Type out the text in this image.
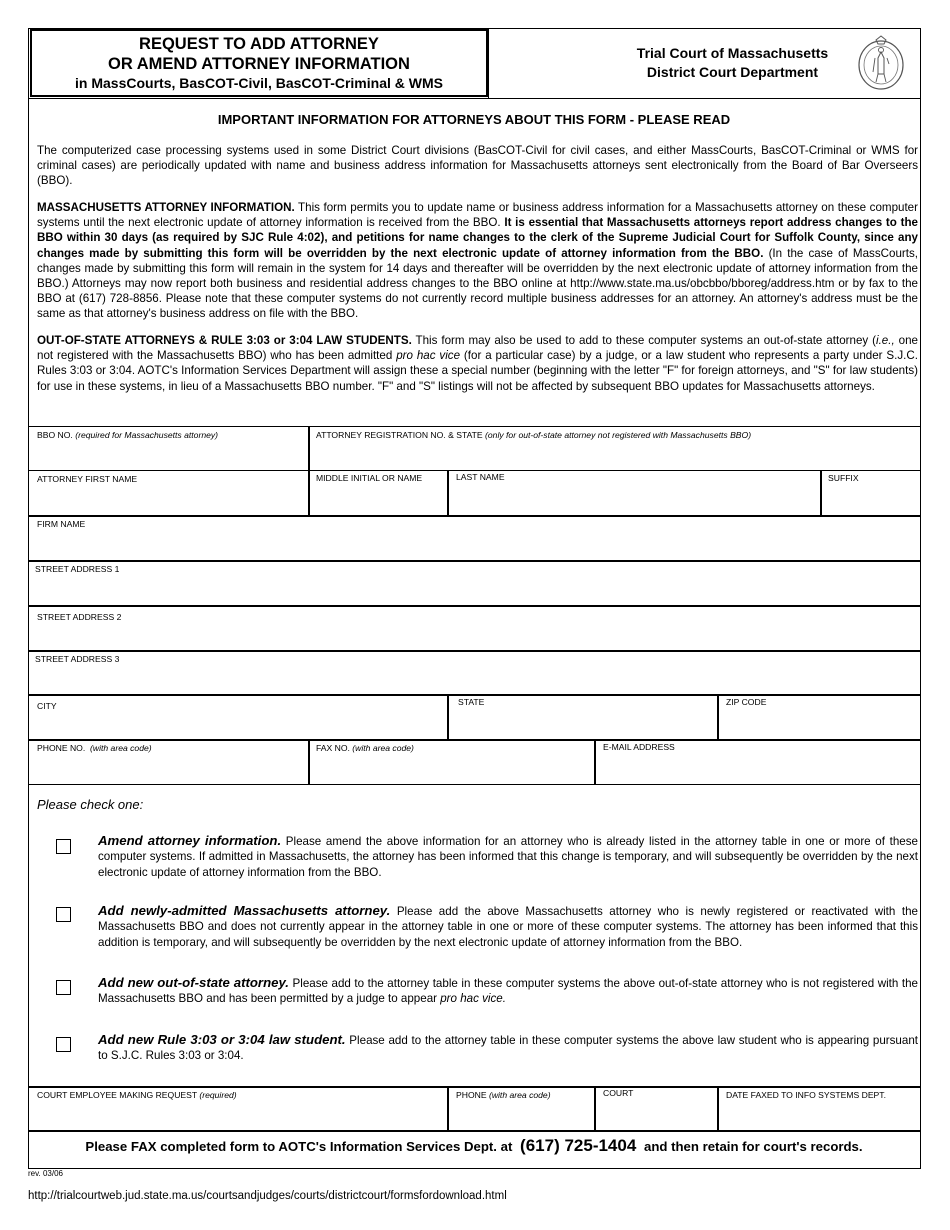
REQUEST TO ADD ATTORNEY
OR AMEND ATTORNEY INFORMATION
in MassCourts, BasCOT-Civil, BasCOT-Criminal & WMS
Trial Court of Massachusetts
District Court Department
IMPORTANT INFORMATION FOR ATTORNEYS ABOUT THIS FORM - PLEASE READ
The computerized case processing systems used in some District Court divisions (BasCOT-Civil for civil cases, and either MassCourts, BasCOT-Criminal or WMS for criminal cases) are periodically updated with name and business address information for Massachusetts attorneys sent electronically from the Board of Bar Overseers (BBO).
MASSACHUSETTS ATTORNEY INFORMATION. This form permits you to update name or business address information for a Massachusetts attorney on these computer systems until the next electronic update of attorney information is received from the BBO. It is essential that Massachusetts attorneys report address changes to the BBO within 30 days (as required by SJC Rule 4:02), and petitions for name changes to the clerk of the Supreme Judicial Court for Suffolk County, since any changes made by submitting this form will be overridden by the next electronic update of attorney information from the BBO. (In the case of MassCourts, changes made by submitting this form will remain in the system for 14 days and thereafter will be overridden by the next electronic update of attorney information from the BBO.) Attorneys may now report both business and residential address changes to the BBO online at http://www.state.ma.us/obcbbo/bboreg/address.htm or by fax to the BBO at (617) 728-8856. Please note that these computer systems do not currently record multiple business addresses for an attorney. An attorney's address must be the same as that attorney's business address on file with the BBO.
OUT-OF-STATE ATTORNEYS & RULE 3:03 or 3:04 LAW STUDENTS. This form may also be used to add to these computer systems an out-of-state attorney (i.e., one not registered with the Massachusetts BBO) who has been admitted pro hac vice (for a particular case) by a judge, or a law student who represents a party under S.J.C. Rules 3:03 or 3:04. AOTC's Information Services Department will assign these a special number (beginning with the letter "F" for foreign attorneys, and "S" for law students) for use in these systems, in lieu of a Massachusetts BBO number. "F" and "S" listings will not be affected by subsequent BBO updates for Massachusetts attorneys.
BBO NO. (required for Massachusetts attorney)	ATTORNEY REGISTRATION NO. & STATE (only for out-of-state attorney not registered with Massachusetts BBO)
ATTORNEY FIRST NAME	MIDDLE INITIAL OR NAME	LAST NAME	SUFFIX
FIRM NAME
STREET ADDRESS 1
STREET ADDRESS 2
STREET ADDRESS 3
CITY	STATE	ZIP CODE
PHONE NO. (with area code)	FAX NO. (with area code)	E-MAIL ADDRESS
Please check one:
Amend attorney information. Please amend the above information for an attorney who is already listed in the attorney table in one or more of these computer systems. If admitted in Massachusetts, the attorney has been informed that this change is temporary, and will subsequently be overridden by the next electronic update of attorney information from the BBO.
Add newly-admitted Massachusetts attorney. Please add the above Massachusetts attorney who is newly registered or reactivated with the Massachusetts BBO and does not currently appear in the attorney table in one or more of these computer systems. The attorney has been informed that this addition is temporary, and will subsequently be overridden by the next electronic update of attorney information from the BBO.
Add new out-of-state attorney. Please add to the attorney table in these computer systems the above out-of-state attorney who is not registered with the Massachusetts BBO and has been permitted by a judge to appear pro hac vice.
Add new Rule 3:03 or 3:04 law student. Please add to the attorney table in these computer systems the above law student who is appearing pursuant to S.J.C. Rules 3:03 or 3:04.
COURT EMPLOYEE MAKING REQUEST (required)	PHONE (with area code)	COURT	DATE FAXED TO INFO SYSTEMS DEPT.
Please FAX completed form to AOTC's Information Services Dept. at (617) 725-1404 and then retain for court's records.
rev. 03/06
http://trialcourtweb.jud.state.ma.us/courtsandjudges/courts/districtcourt/formsfordownload.html
